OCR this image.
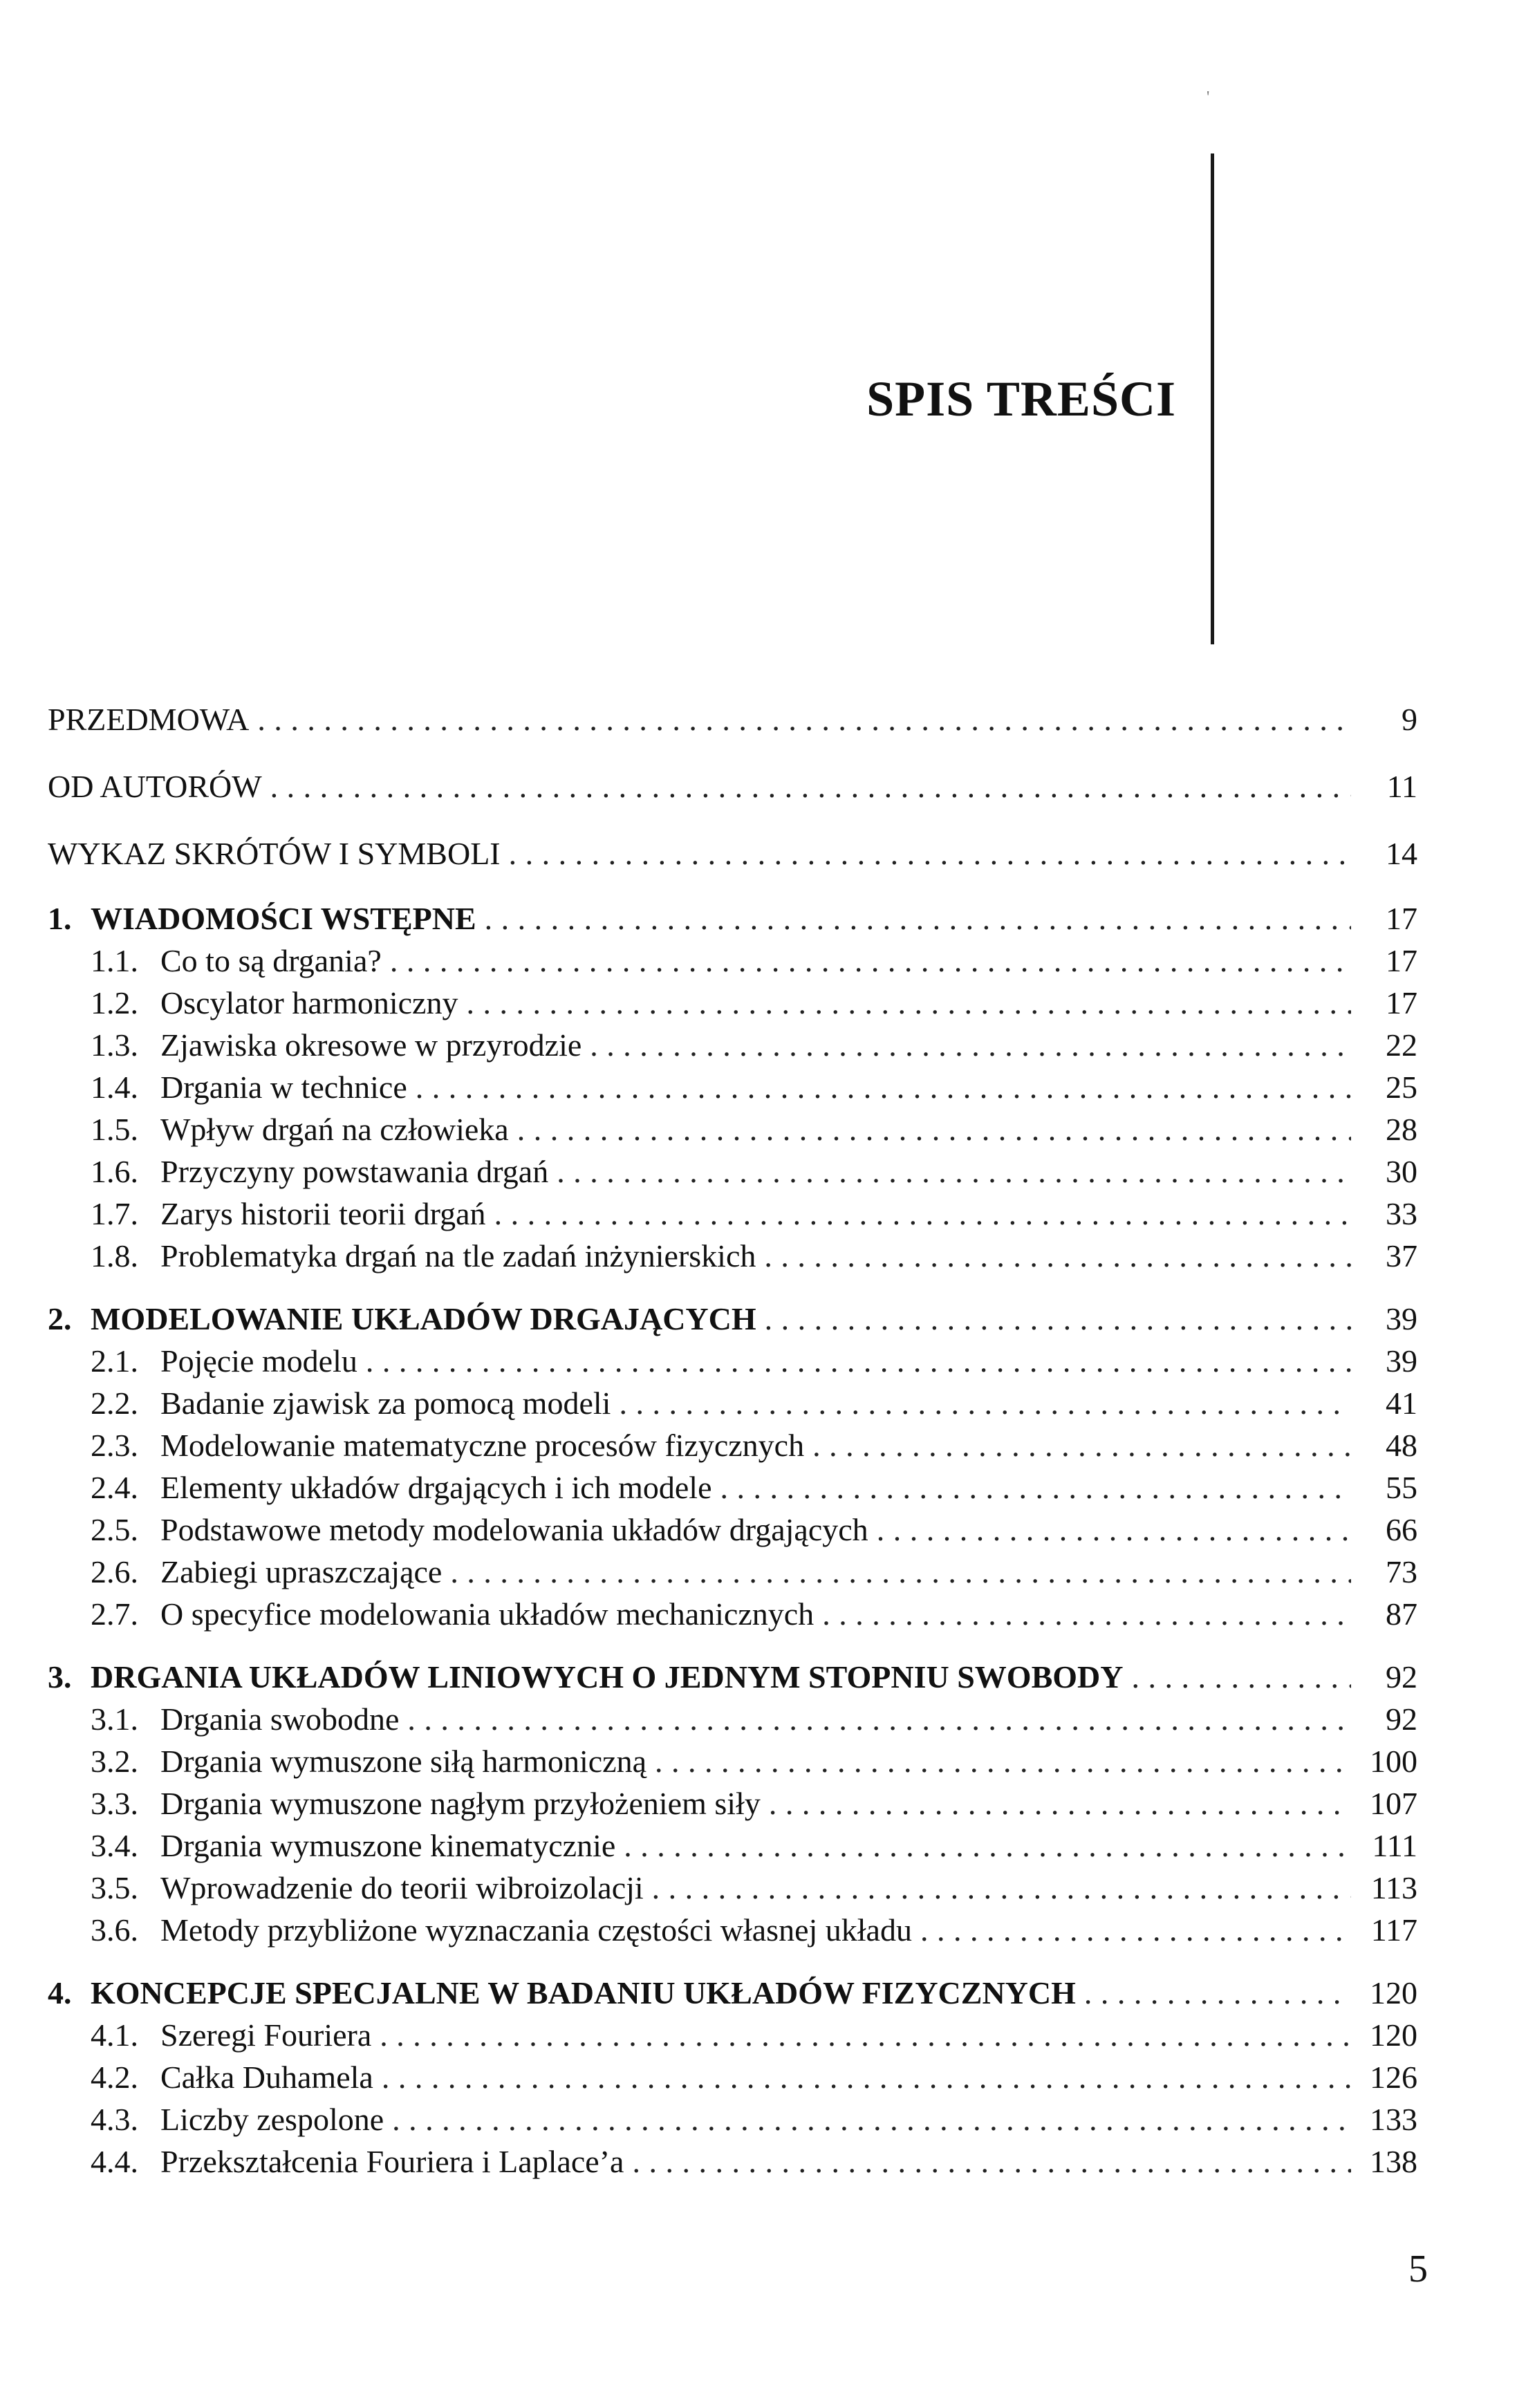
'
SPIS TREŚCI
PRZEDMOWA . . .	9
OD AUTORÓW . . .	11
WYKAZ SKRÓTÓW I SYMBOLI . . .	14
1. WIADOMOŚCI WSTĘPNE . . .	17
1.1. Co to są drgania? . . .	17
1.2. Oscylator harmoniczny . . .	17
1.3. Zjawiska okresowe w przyrodzie . . .	22
1.4. Drgania w technice . . .	25
1.5. Wpływ drgań na człowieka . . .	28
1.6. Przyczyny powstawania drgań . . .	30
1.7. Zarys historii teorii drgań . . .	33
1.8. Problematyka drgań na tle zadań inżynierskich . . .	37
2. MODELOWANIE UKŁADÓW DRGAJĄCYCH . . .	39
2.1. Pojęcie modelu . . .	39
2.2. Badanie zjawisk za pomocą modeli . . .	41
2.3. Modelowanie matematyczne procesów fizycznych . . .	48
2.4. Elementy układów drgających i ich modele . . .	55
2.5. Podstawowe metody modelowania układów drgających . . .	66
2.6. Zabiegi upraszczające . . .	73
2.7. O specyfice modelowania układów mechanicznych . . .	87
3. DRGANIA UKŁADÓW LINIOWYCH O JEDNYM STOPNIU SWOBODY . . .	92
3.1. Drgania swobodne . . .	92
3.2. Drgania wymuszone siłą harmoniczną . . .	100
3.3. Drgania wymuszone nagłym przyłożeniem siły . . .	107
3.4. Drgania wymuszone kinematycznie . . .	111
3.5. Wprowadzenie do teorii wibroizolacji . . .	113
3.6. Metody przybliżone wyznaczania częstości własnej układu . . .	117
4. KONCEPCJE SPECJALNE W BADANIU UKŁADÓW FIZYCZNYCH . . .	120
4.1. Szeregi Fouriera . . .	120
4.2. Całka Duhamela . . .	126
4.3. Liczby zespolone . . .	133
4.4. Przekształcenia Fouriera i Laplace’a . . .	138
5
